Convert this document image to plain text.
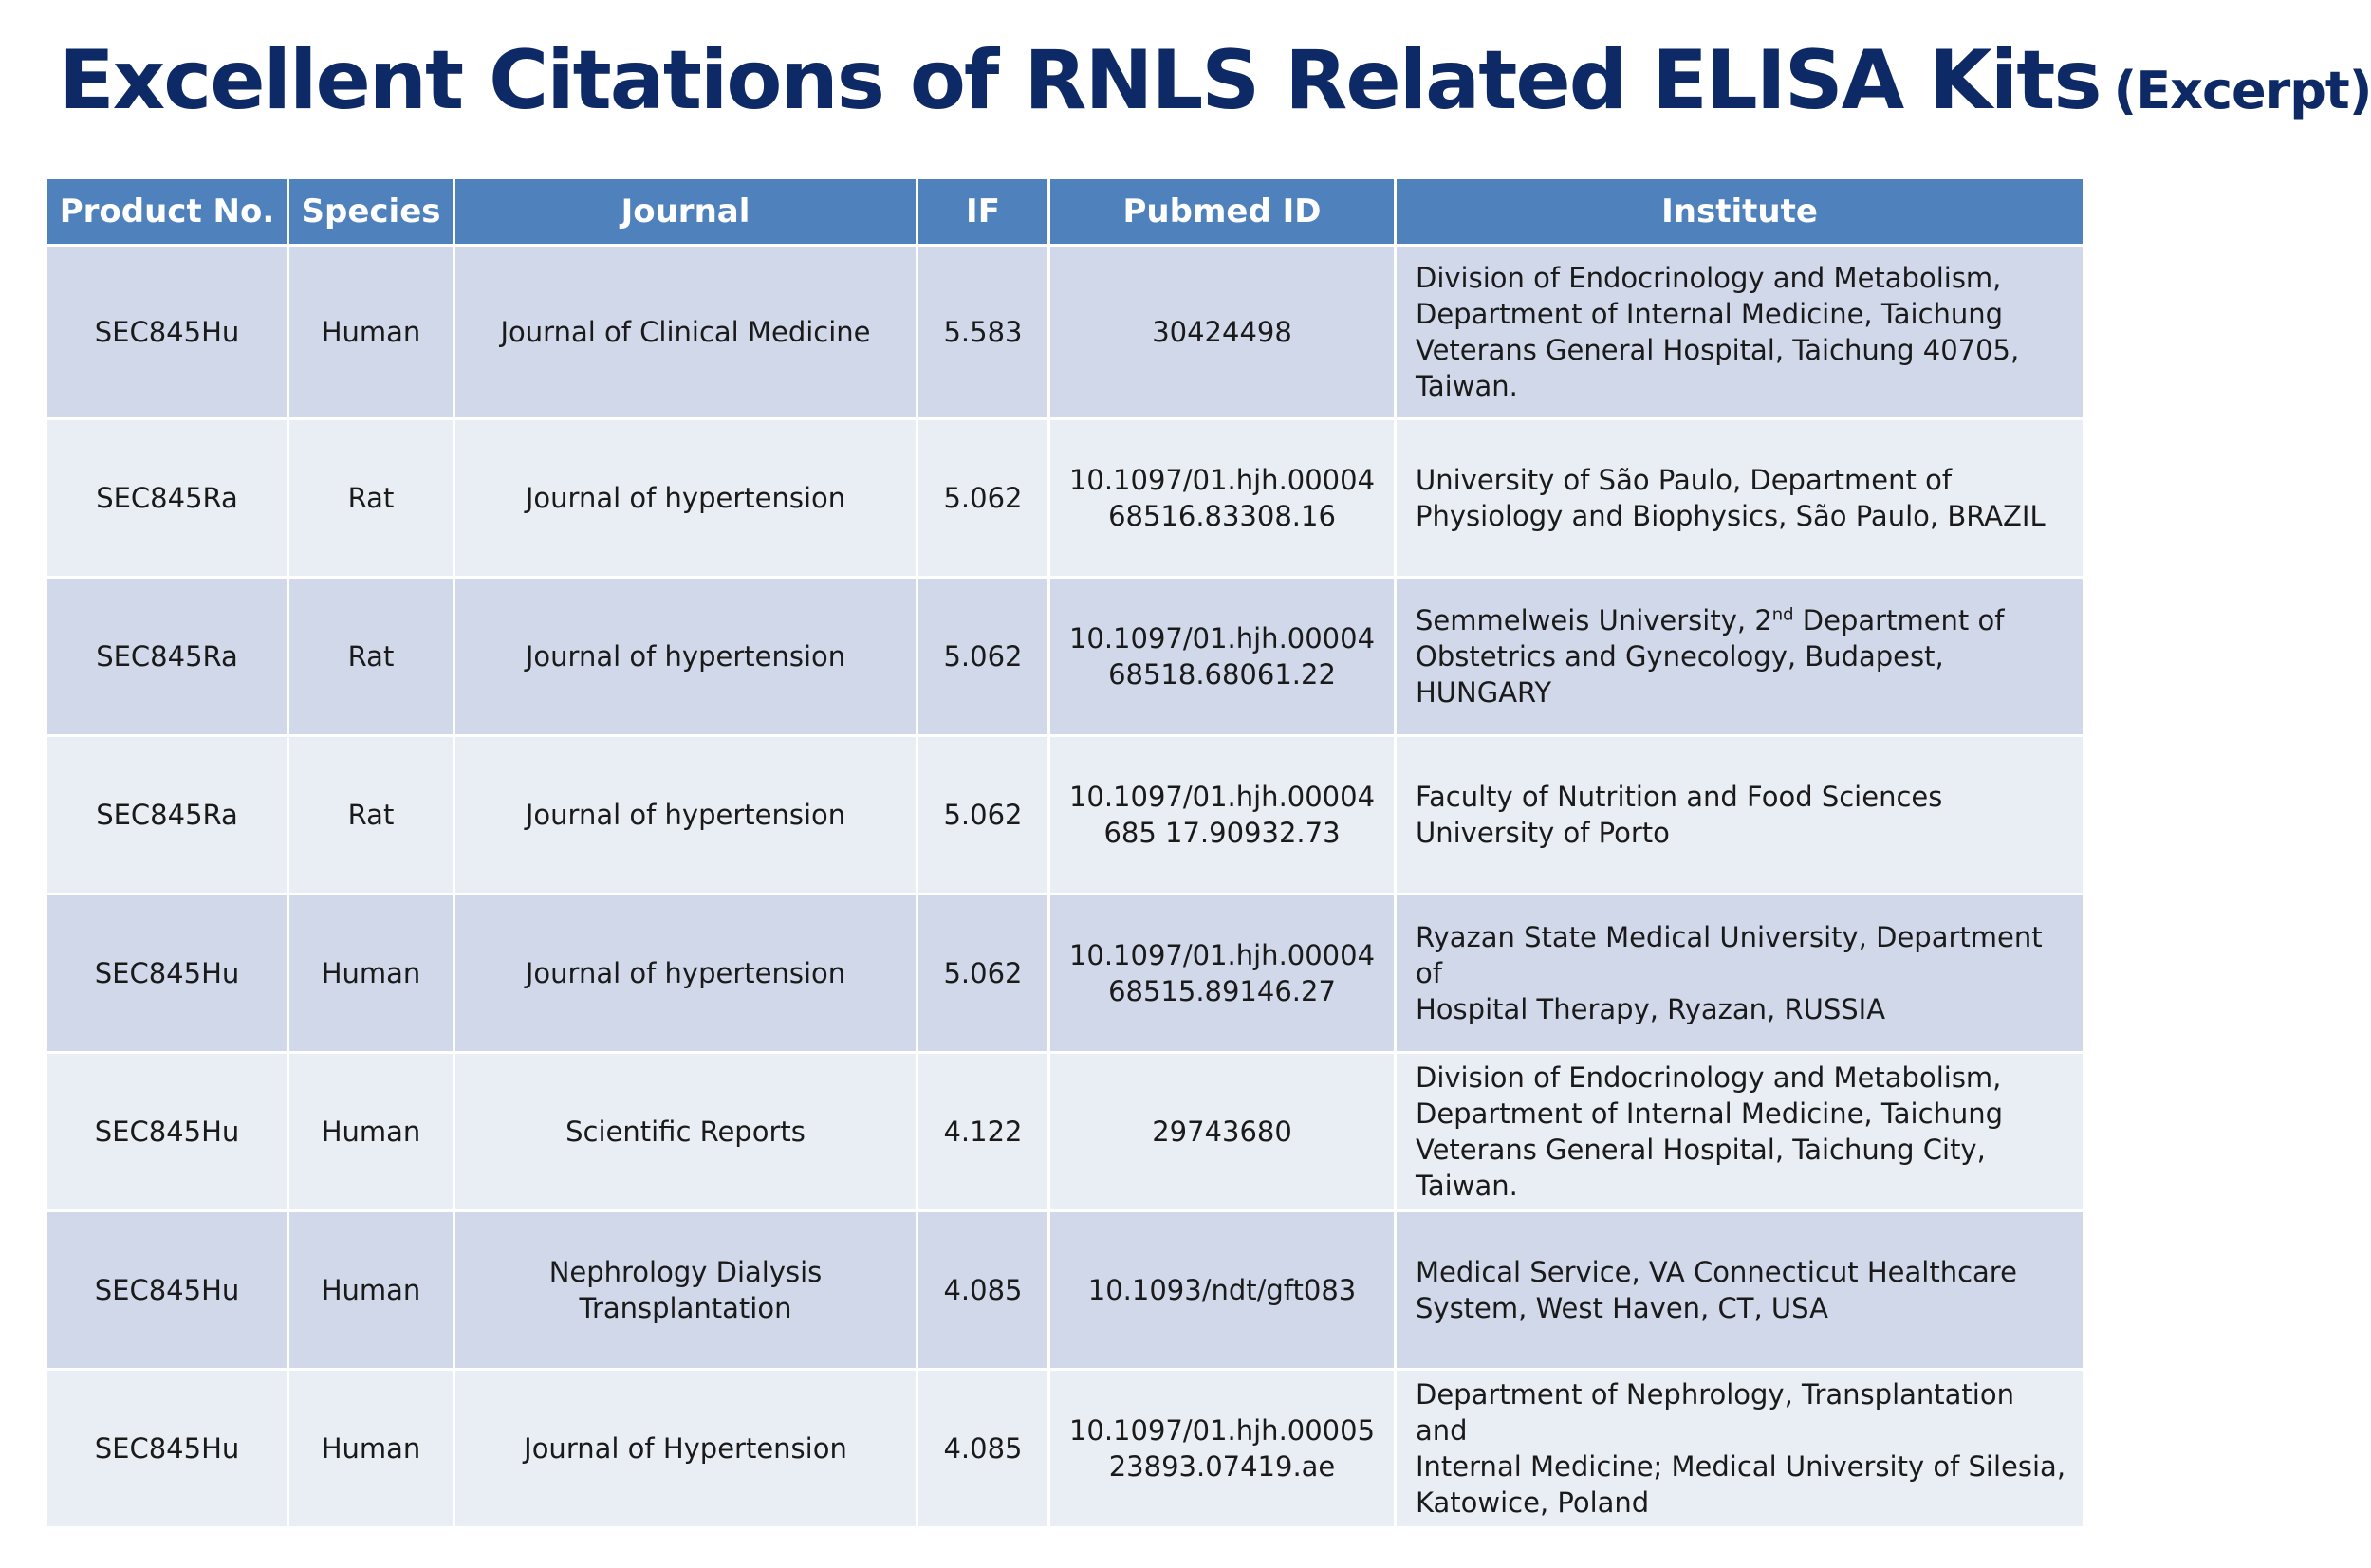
Excellent Citations of RNLS Related ELISA Kits (Excerpt)
Product No.	Species	Journal	IF	Pubmed ID	Institute
SEC845Hu	Human	Journal of Clinical Medicine	5.583	30424498	Division of Endocrinology and Metabolism,
Department of Internal Medicine, Taichung
Veterans General Hospital, Taichung 40705,
Taiwan.
SEC845Ra	Rat	Journal of hypertension	5.062	10.1097/01.hjh.00004
68516.83308.16	University of São Paulo, Department of
Physiology and Biophysics, São Paulo, BRAZIL
SEC845Ra	Rat	Journal of hypertension	5.062	10.1097/01.hjh.00004
68518.68061.22	Semmelweis University, 2nd Department of
Obstetrics and Gynecology, Budapest, HUNGARY
SEC845Ra	Rat	Journal of hypertension	5.062	10.1097/01.hjh.00004
685 17.90932.73	Faculty of Nutrition and Food Sciences
University of Porto
SEC845Hu	Human	Journal of hypertension	5.062	10.1097/01.hjh.00004
68515.89146.27	Ryazan State Medical University, Department of
Hospital Therapy, Ryazan, RUSSIA
SEC845Hu	Human	Scientific Reports	4.122	29743680	Division of Endocrinology and Metabolism,
Department of Internal Medicine, Taichung
Veterans General Hospital, Taichung City, Taiwan.
SEC845Hu	Human	Nephrology Dialysis
Transplantation	4.085	10.1093/ndt/gft083	Medical Service, VA Connecticut Healthcare
System, West Haven, CT, USA
SEC845Hu	Human	Journal of Hypertension	4.085	10.1097/01.hjh.00005
23893.07419.ae	Department of Nephrology, Transplantation and
Internal Medicine; Medical University of Silesia,
Katowice, Poland
